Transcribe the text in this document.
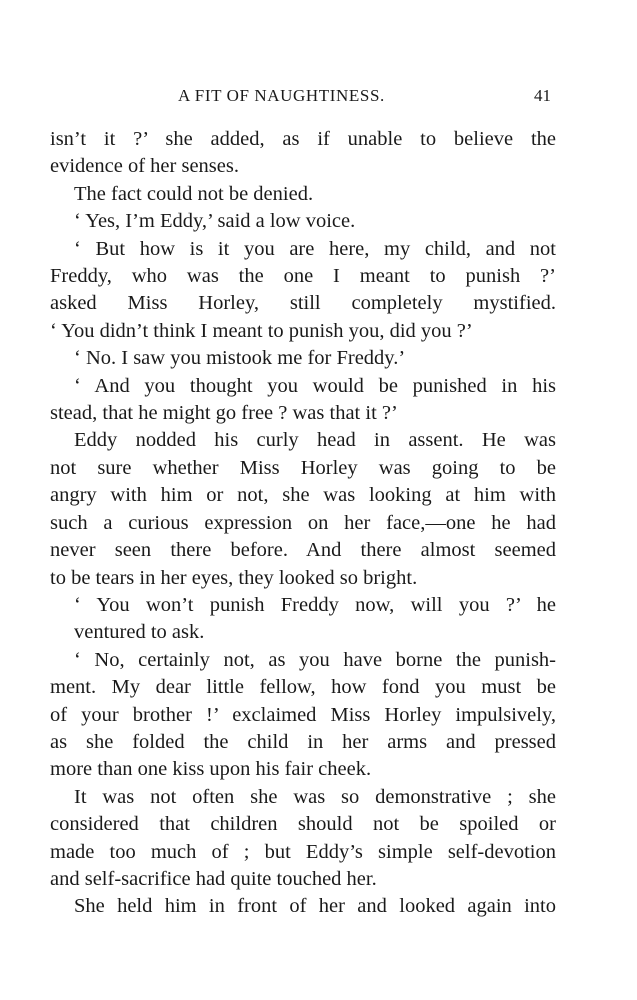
A FIT OF NAUGHTINESS.	41
isn’t it ?’ she added, as if unable to believe the
evidence of her senses.
The fact could not be denied.
‘ Yes, I’m Eddy,’ said a low voice.
‘ But how is it you are here, my child, and not
Freddy, who was the one I meant to punish ?’
asked Miss Horley, still completely mystified.
‘ You didn’t think I meant to punish you, did you ?’
‘ No. I saw you mistook me for Freddy.’
‘ And you thought you would be punished in his
stead, that he might go free ? was that it ?’
Eddy nodded his curly head in assent. He was
not sure whether Miss Horley was going to be
angry with him or not, she was looking at him with
such a curious expression on her face,—one he had
never seen there before. And there almost seemed
to be tears in her eyes, they looked so bright.
‘ You won’t punish Freddy now, will you ?’ he
ventured to ask.
‘ No, certainly not, as you have borne the punish-
ment. My dear little fellow, how fond you must be
of your brother !’ exclaimed Miss Horley impulsively,
as she folded the child in her arms and pressed
more than one kiss upon his fair cheek.
It was not often she was so demonstrative ; she
considered that children should not be spoiled or
made too much of ; but Eddy’s simple self-devotion
and self-sacrifice had quite touched her.
She held him in front of her and looked again into
